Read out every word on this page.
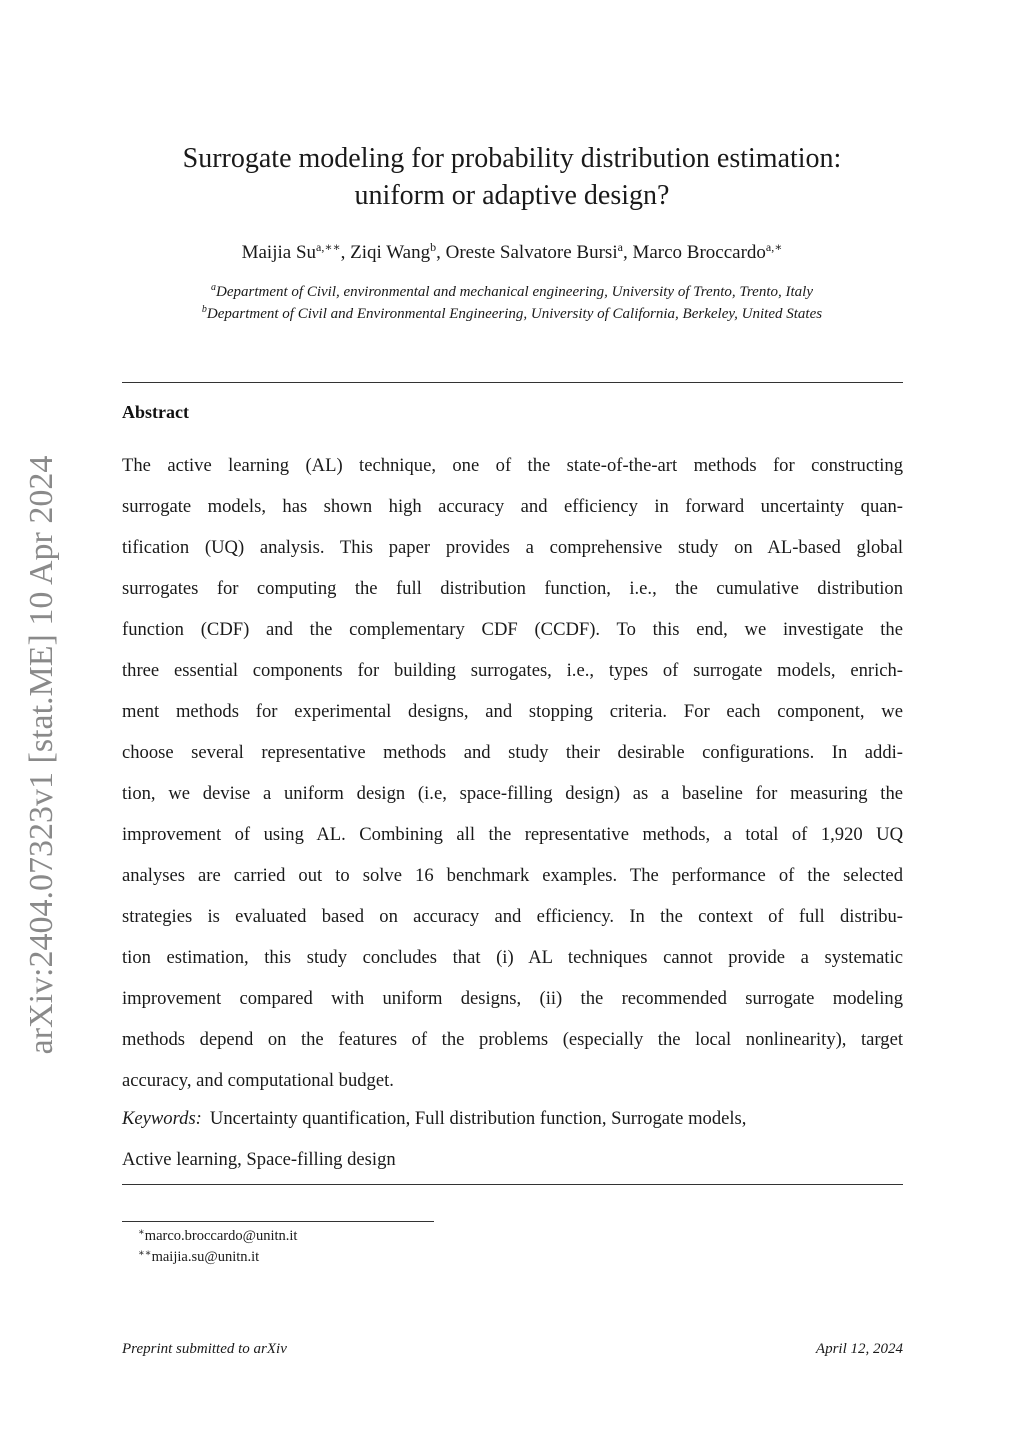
arXiv:2404.07323v1 [stat.ME] 10 Apr 2024
Surrogate modeling for probability distribution estimation:
uniform or adaptive design?
Maijia $Su^{a,∗∗}$, Ziqi Wang$^b$, Oreste Salvatore Bursi$^a$, Marco Broccardo$^{a,∗}$
$^a$Department of Civil, environmental and mechanical engineering, University of Trento, Trento, Italy
$^b$Department of Civil and Environmental Engineering, University of California, Berkeley, United States
Abstract
The active learning (AL) technique, one of the state-of-the-art methods for constructing
surrogate models, has shown high accuracy and efficiency in forward uncertainty quan-
tification (UQ) analysis. This paper provides a comprehensive study on AL-based global
surrogates for computing the full distribution function, i.e., the cumulative distribution
function (CDF) and the complementary CDF (CCDF). To this end, we investigate the
three essential components for building surrogates, i.e., types of surrogate models, enrich-
ment methods for experimental designs, and stopping criteria. For each component, we
choose several representative methods and study their desirable configurations. In addi-
tion, we devise a uniform design (i.e, space-filling design) as a baseline for measuring the
improvement of using AL. Combining all the representative methods, a total of 1,920 UQ
analyses are carried out to solve 16 benchmark examples. The performance of the selected
strategies is evaluated based on accuracy and efficiency. In the context of full distribu-
tion estimation, this study concludes that (i) AL techniques cannot provide a systematic
improvement compared with uniform designs, (ii) the recommended surrogate modeling
methods depend on the features of the problems (especially the local nonlinearity), target
accuracy, and computational budget.
Keywords: Uncertainty quantification, Full distribution function, Surrogate models,
Active learning, Space-filling design
∗marco.broccardo@unitn.it
∗∗maijia.su@unitn.it
Preprint submitted to arXiv	April 12, 2024
